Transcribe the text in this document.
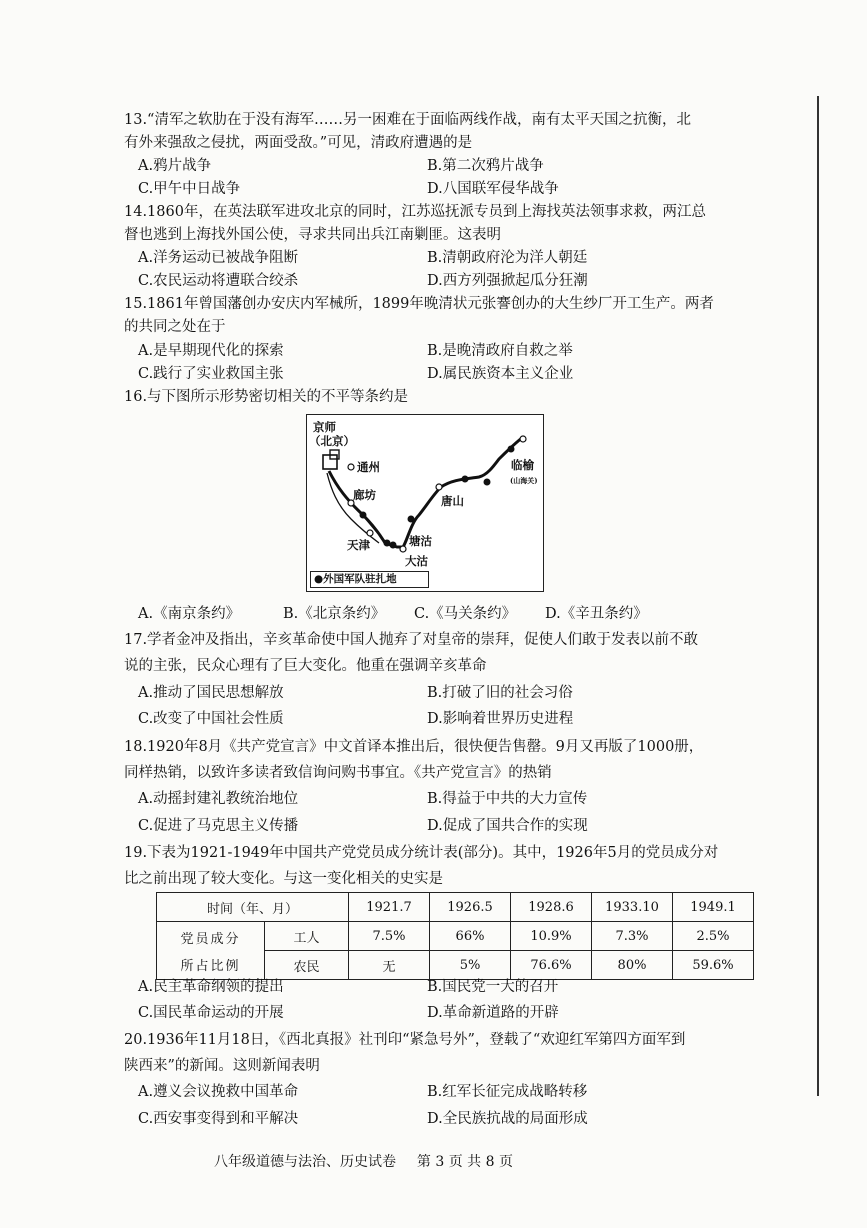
13.“清军之软肋在于没有海军……另一困难在于面临两线作战，南有太平天国之抗衡，北
有外来强敌之侵扰，两面受敌。”可见，清政府遭遇的是
A.鸦片战争	B.第二次鸦片战争
C.甲午中日战争	D.八国联军侵华战争
14.1860年，在英法联军进攻北京的同时，江苏巡抚派专员到上海找英法领事求救，两江总
督也逃到上海找外国公使，寻求共同出兵江南剿匪。这表明
A.洋务运动已被战争阻断	B.清朝政府沦为洋人朝廷
C.农民运动将遭联合绞杀	D.西方列强掀起瓜分狂潮
15.1861年曾国藩创办安庆内军械所，1899年晚清状元张謇创办的大生纱厂开工生产。两者
的共同之处在于
A.是早期现代化的探索	B.是晚清政府自救之举
C.践行了实业救国主张	D.属民族资本主义企业
16.与下图所示形势密切相关的不平等条约是
京师
（北京）
通州
廊坊
天津	塘沽
大沽
唐山
临榆
(山海关)
●外国军队驻扎地
A.《南京条约》	B.《北京条约》 C.《马关条约》 D.《辛丑条约》
17.学者金冲及指出，辛亥革命使中国人抛弃了对皇帝的崇拜，促使人们敢于发表以前不敢
说的主张，民众心理有了巨大变化。他重在强调辛亥革命
A.推动了国民思想解放	B.打破了旧的社会习俗
C.改变了中国社会性质	D.影响着世界历史进程
18.1920年8月《共产党宣言》中文首译本推出后，很快便告售罄。9月又再版了1000册，
同样热销，以致许多读者致信询问购书事宜。《共产党宣言》的热销
A.动摇封建礼教统治地位	B.得益于中共的大力宣传
C.促进了马克思主义传播	D.促成了国共合作的实现
19.下表为1921-1949年中国共产党党员成分统计表(部分)。其中，1926年5月的党员成分对
比之前出现了较大变化。与这一变化相关的史实是
时间（年、月）		1921.7	1926.5	1928.6	1933.10	1949.1

党员成分
所占比例	工人	7.5%	66%	10.9%	7.3%	2.5%
	农民	无	5%	76.6%	80%	59.6%
A.民主革命纲领的提出	B.国民党一大的召开
C.国民革命运动的开展	D.革命新道路的开辟
20.1936年11月18日，《西北真报》社刊印“紧急号外”，登载了“欢迎红军第四方面军到
陕西来”的新闻。这则新闻表明
A.遵义会议挽救中国革命	B.红军长征完成战略转移
C.西安事变得到和平解决	D.全民族抗战的局面形成
八年级道德与法治、历史试卷 第 3 页 共 8 页
